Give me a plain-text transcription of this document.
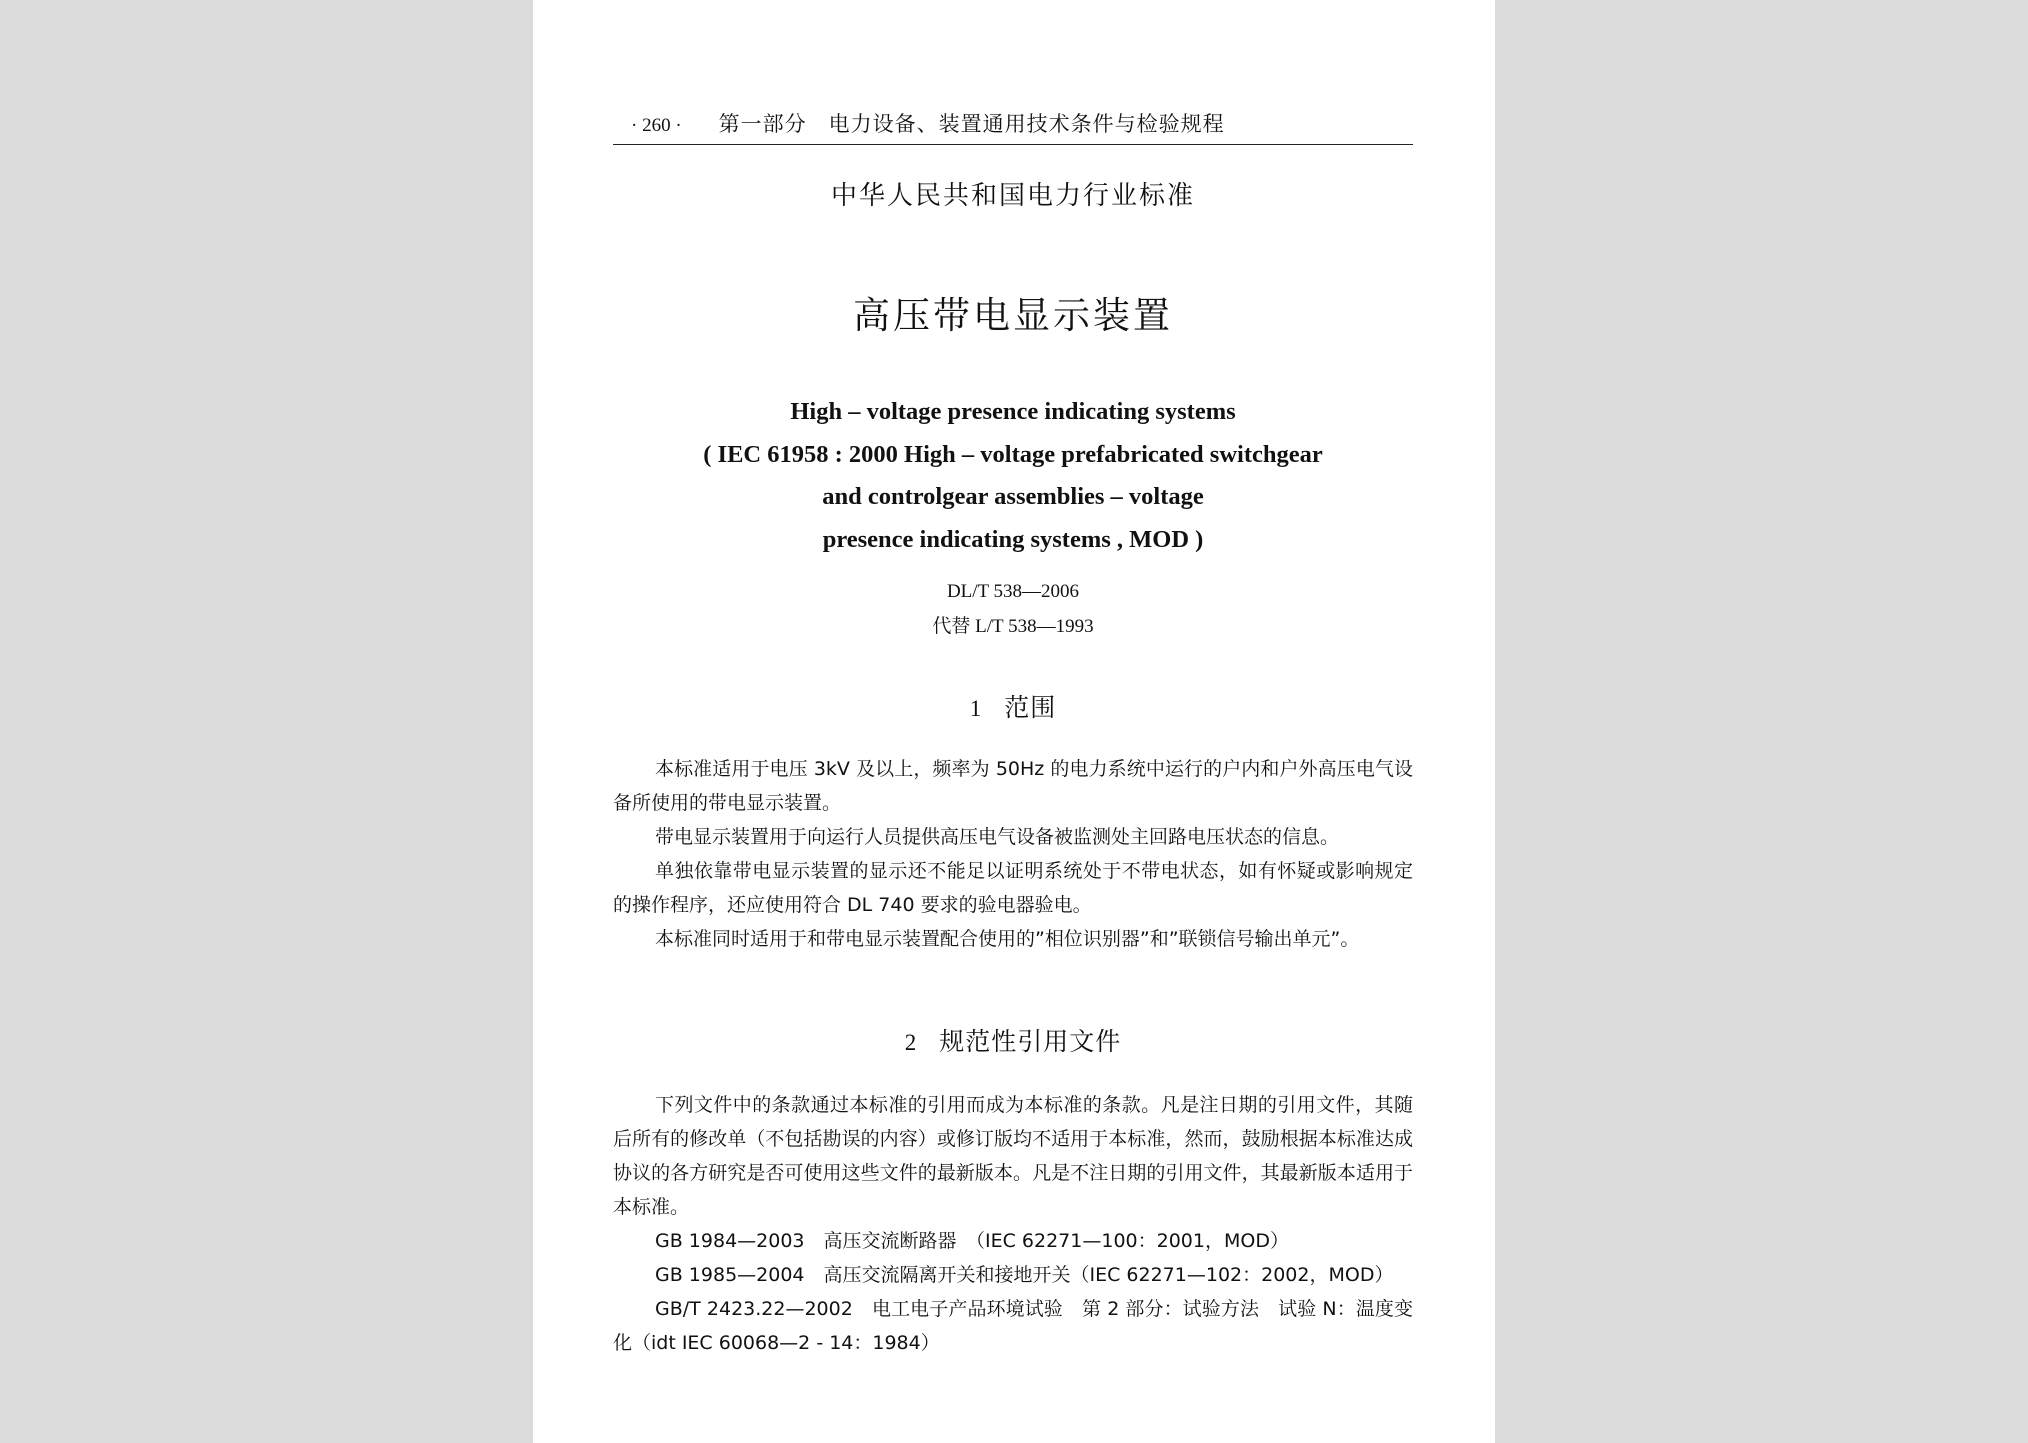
· 260 · 第一部分　电力设备、装置通用技术条件与检验规程
中华人民共和国电力行业标准
高压带电显示装置
High – voltage presence indicating systems
( IEC 61958 : 2000 High – voltage prefabricated switchgear
and controlgear assemblies – voltage
presence indicating systems , MOD )
DL/T 538—2006
代替 L/T 538—1993
1 范围

本标准适用于电压 3kV 及以上，频率为 50Hz 的电力系统中运行的户内和户外高压电气设备所使用的带电显示装置。

带电显示装置用于向运行人员提供高压电气设备被监测处主回路电压状态的信息。

单独依靠带电显示装置的显示还不能足以证明系统处于不带电状态，如有怀疑或影响规定的操作程序，还应使用符合 DL 740 要求的验电器验电。

本标准同时适用于和带电显示装置配合使用的”相位识别器”和”联锁信号输出单元”。

2 规范性引用文件

下列文件中的条款通过本标准的引用而成为本标准的条款。凡是注日期的引用文件，其随后所有的修改单（不包括勘误的内容）或修订版均不适用于本标准，然而，鼓励根据本标准达成协议的各方研究是否可使用这些文件的最新版本。凡是不注日期的引用文件，其最新版本适用于本标准。

GB 1984—2003　高压交流断路器　（IEC 62271—100：2001，MOD）

GB 1985—2004　高压交流隔离开关和接地开关（IEC 62271—102：2002，MOD）

GB/T 2423.22—2002　电工电子产品环境试验　第 2 部分：试验方法　试验 N：温度变化（idt IEC 60068—2 - 14：1984）
